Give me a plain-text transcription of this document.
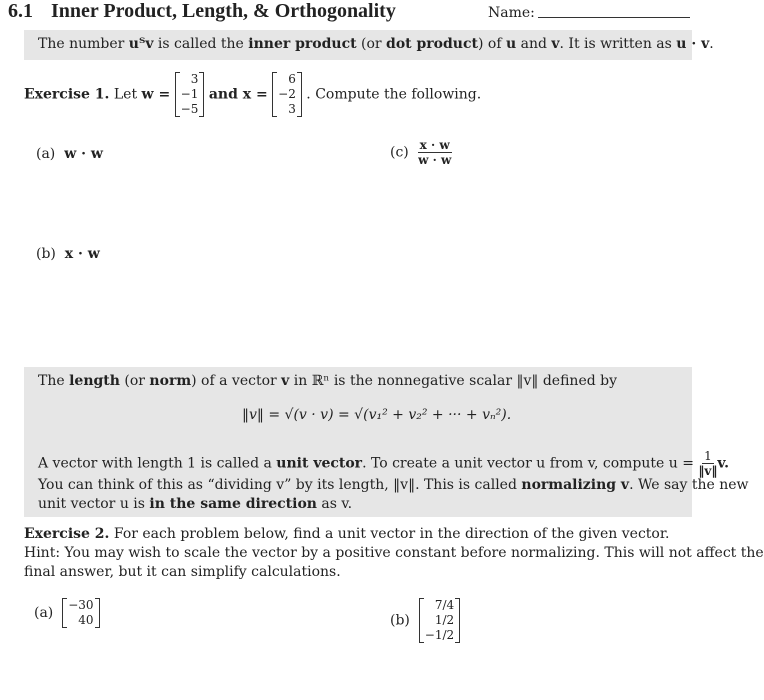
6.1 Inner Product, Length, & Orthogonality	Name:
The number uᵀv is called the inner product (or dot product) of u and v. It is written as u · v.
Exercise 1. Let w =
3
−1
−5
and x =
6
−2
3
. Compute the following.
(a) w · w	$(c) \frac{x \cdot w}{w \cdot w}$
(b) x · w
The length (or norm) of a vector v in ℝⁿ is the nonnegative scalar ‖v‖ defined by
‖v‖ = √(v · v) = √(v₁² + v₂² + ··· + vₙ²).
A vector with length 1 is called a unit vector. To create a unit vector u from v, compute $u = \frac{1}{‖v‖} v$.
You can think of this as “dividing v” by its length, ‖v‖. This is called normalizing v. We say the new
unit vector u is in the same direction as v.
Exercise 2. For each problem below, find a unit vector in the direction of the given vector.
Hint: You may wish to scale the vector by a positive constant before normalizing. This will not affect the
final answer, but it can simplify calculations.
(a) −30
40	(b)
7/4
1/2
−1/2
